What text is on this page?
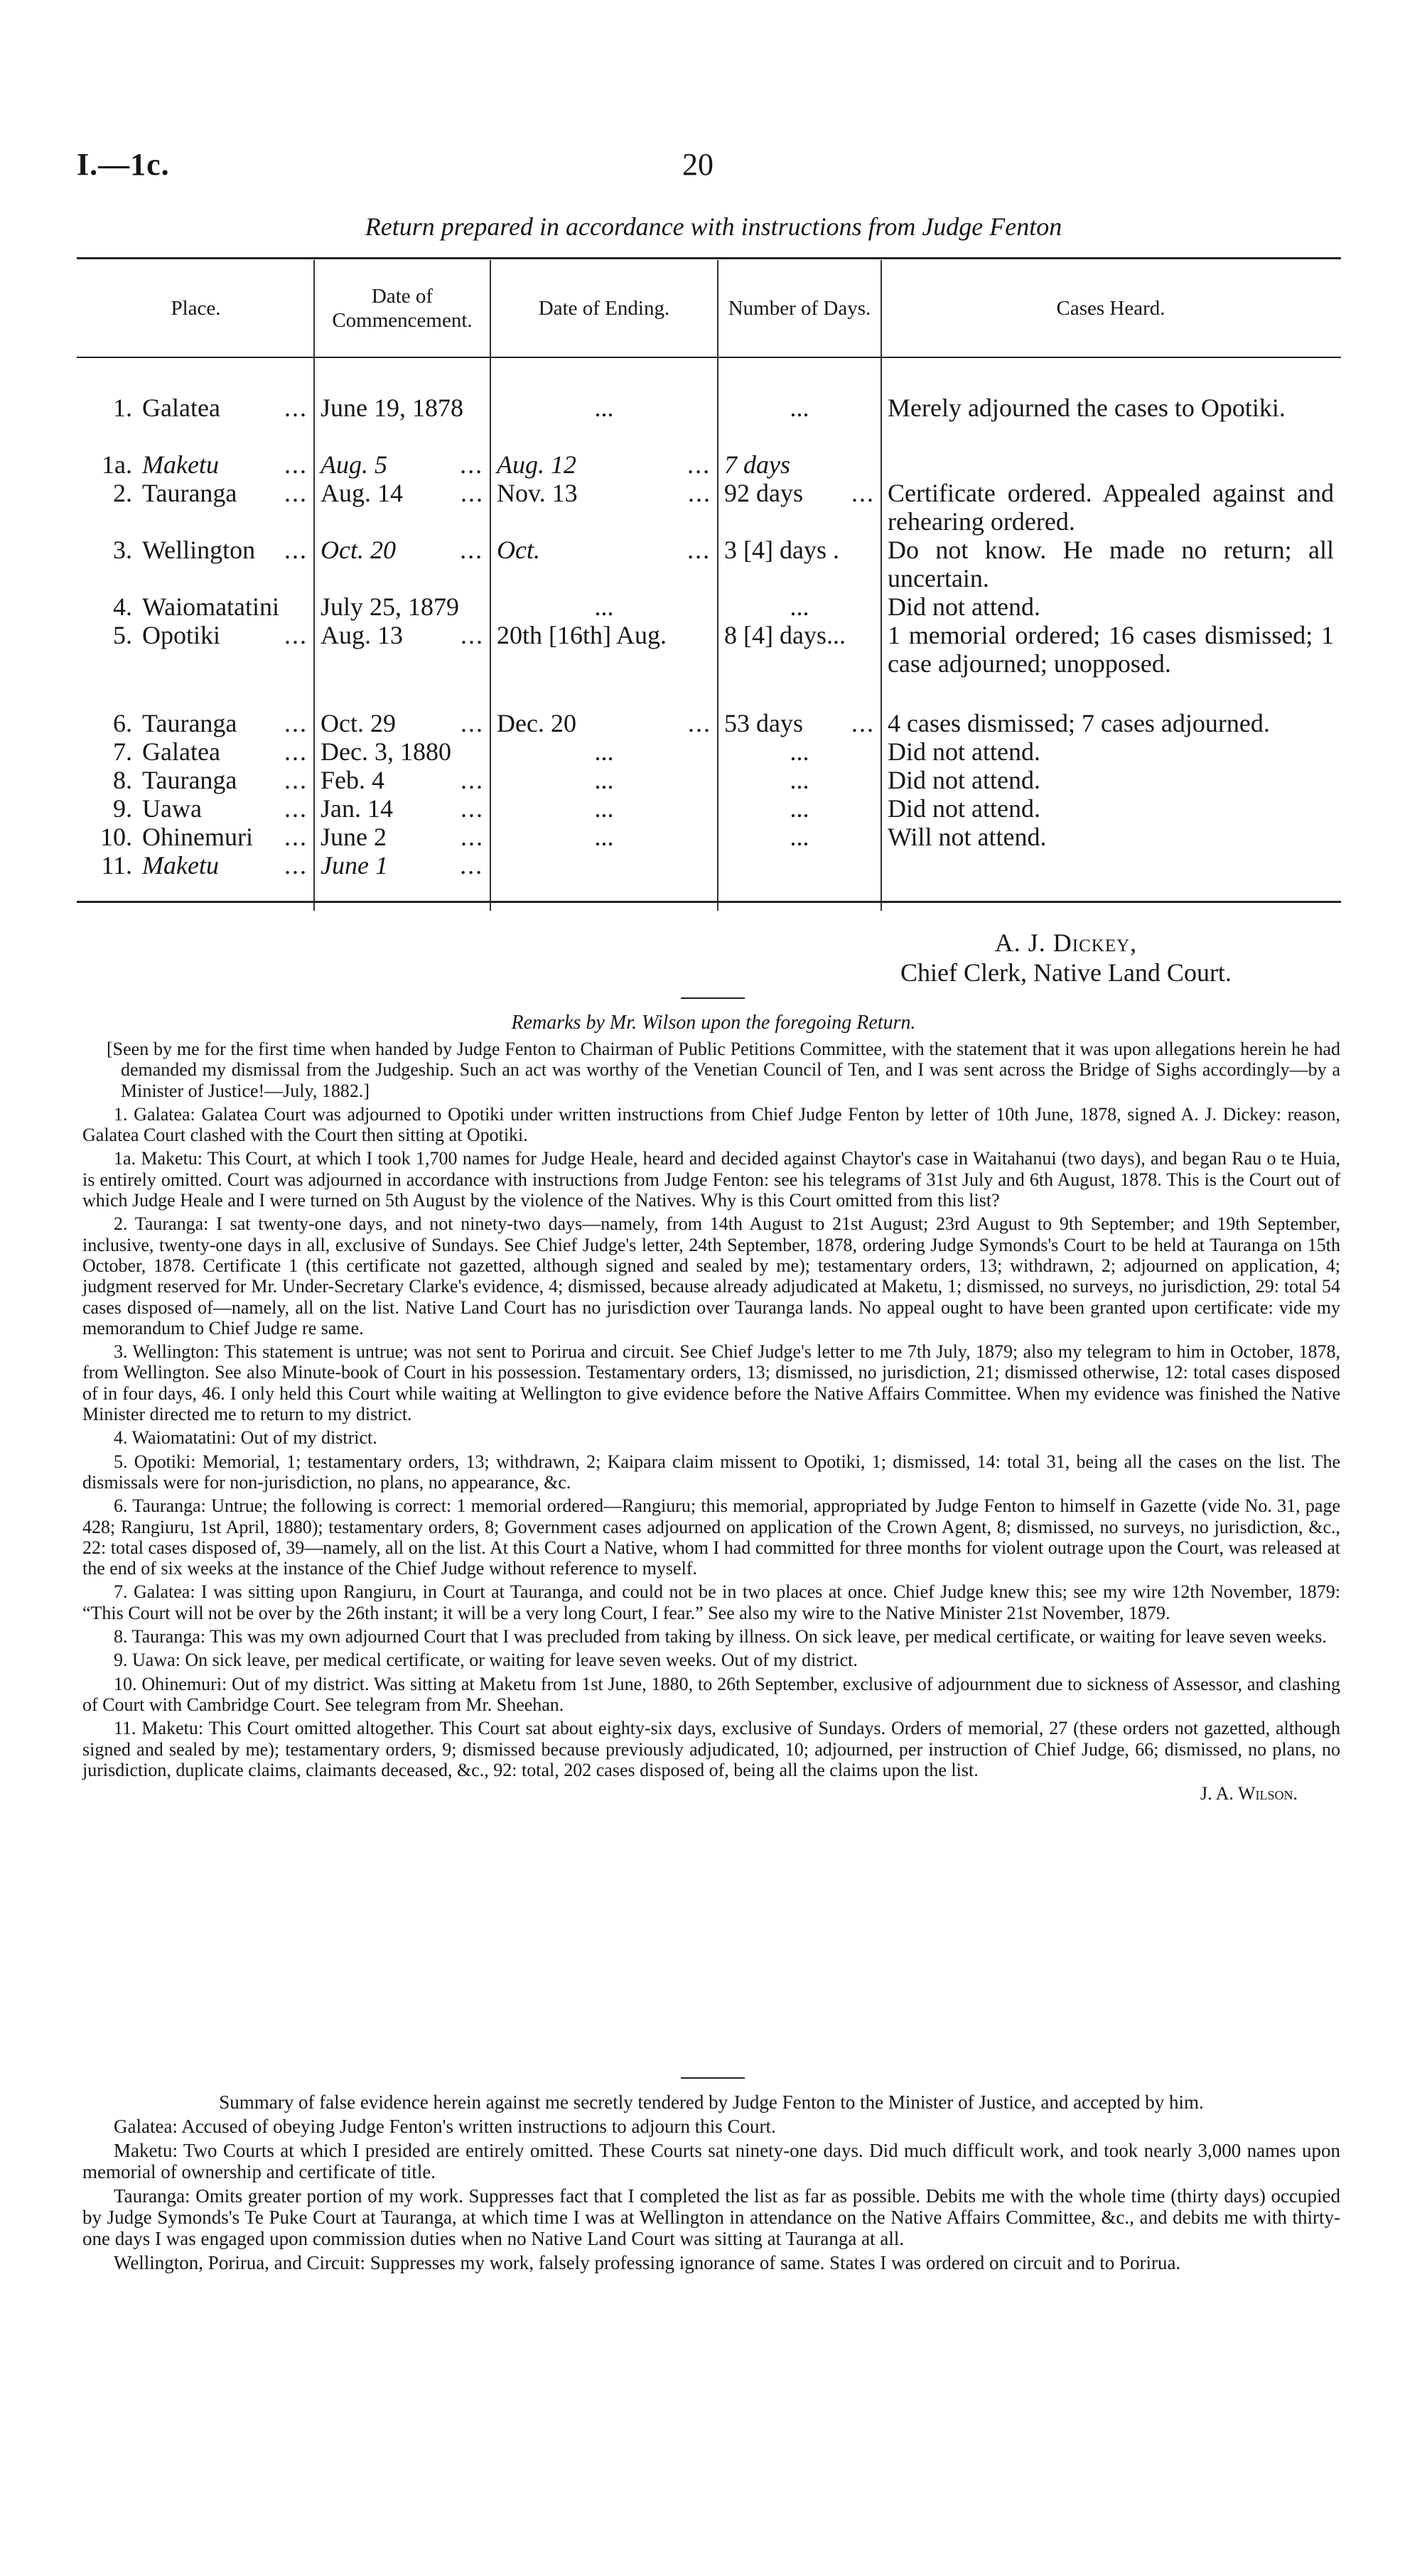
I.—1c.	20
Return prepared in accordance with instructions from Judge Fenton
Place.	Date of Commencement.	Date of Ending.	Number of Days.	Cases Heard.

1. Galatea ...	June 19, 1878	...	...	Merely adjourned the cases to Opotiki.
1a. Maketu ...	Aug. 5 ...	Aug. 12 ...	7 days	
2. Tauranga ...	Aug. 14 ...	Nov. 13 ...	92 days ...	Certificate ordered. Appealed against and rehearing ordered.
3. Wellington ...	Oct. 20 ...	Oct. ...	3 [4] days .	Do not know. He made no return; all uncertain.
4. Waiomatatini	July 25, 1879	...	...	Did not attend.
5. Opotiki ...	Aug. 13 ...	20th [16th] Aug.	8 [4] days...	1 memorial ordered; 16 cases dismissed; 1 case adjourned; unopposed.
6. Tauranga ...	Oct. 29 ...	Dec. 20 ...	53 days ...	4 cases dismissed; 7 cases adjourned.
7. Galatea ...	Dec. 3, 1880	...	...	Did not attend.
8. Tauranga ...	Feb. 4 ...	...	...	Did not attend.
9. Uawa ...	Jan. 14 ...	...	...	Did not attend.
10. Ohinemuri ...	June 2 ...	...	...	Will not attend.
11. Maketu ...	June 1 ...			

A. J. Dickey,
Chief Clerk, Native Land Court.
Remarks by Mr. Wilson upon the foregoing Return.

[Seen by me for the first time when handed by Judge Fenton to Chairman of Public Petitions Committee, with the statement that it was upon allegations herein he had demanded my dismissal from the Judgeship. Such an act was worthy of the Venetian Council of Ten, and I was sent across the Bridge of Sighs accordingly—by a Minister of Justice!—July, 1882.]

1. Galatea: Galatea Court was adjourned to Opotiki under written instructions from Chief Judge Fenton by letter of 10th June, 1878, signed A. J. Dickey: reason, Galatea Court clashed with the Court then sitting at Opotiki.

1a. Maketu: This Court, at which I took 1,700 names for Judge Heale, heard and decided against Chaytor's case in Waitahanui (two days), and began Rau o te Huia, is entirely omitted. Court was adjourned in accordance with instructions from Judge Fenton: see his telegrams of 31st July and 6th August, 1878. This is the Court out of which Judge Heale and I were turned on 5th August by the violence of the Natives. Why is this Court omitted from this list?

2. Tauranga: I sat twenty-one days, and not ninety-two days—namely, from 14th August to 21st August; 23rd August to 9th September; and 19th September, inclusive, twenty-one days in all, exclusive of Sundays. See Chief Judge's letter, 24th September, 1878, ordering Judge Symonds's Court to be held at Tauranga on 15th October, 1878. Certificate 1 (this certificate not gazetted, although signed and sealed by me); testamentary orders, 13; withdrawn, 2; adjourned on application, 4; judgment reserved for Mr. Under-Secretary Clarke's evidence, 4; dismissed, because already adjudicated at Maketu, 1; dismissed, no surveys, no jurisdiction, 29: total 54 cases disposed of—namely, all on the list. Native Land Court has no jurisdiction over Tauranga lands. No appeal ought to have been granted upon certificate: vide my memorandum to Chief Judge re same.

3. Wellington: This statement is untrue; was not sent to Porirua and circuit. See Chief Judge's letter to me 7th July, 1879; also my telegram to him in October, 1878, from Wellington. See also Minute-book of Court in his possession. Testamentary orders, 13; dismissed, no jurisdiction, 21; dismissed otherwise, 12: total cases disposed of in four days, 46. I only held this Court while waiting at Wellington to give evidence before the Native Affairs Committee. When my evidence was finished the Native Minister directed me to return to my district.

4. Waiomatatini: Out of my district.

5. Opotiki: Memorial, 1; testamentary orders, 13; withdrawn, 2; Kaipara claim missent to Opotiki, 1; dismissed, 14: total 31, being all the cases on the list. The dismissals were for non-jurisdiction, no plans, no appearance, &c.

6. Tauranga: Untrue; the following is correct: 1 memorial ordered—Rangiuru; this memorial, appropriated by Judge Fenton to himself in Gazette (vide No. 31, page 428; Rangiuru, 1st April, 1880); testamentary orders, 8; Government cases adjourned on application of the Crown Agent, 8; dismissed, no surveys, no jurisdiction, &c., 22: total cases disposed of, 39—namely, all on the list. At this Court a Native, whom I had committed for three months for violent outrage upon the Court, was released at the end of six weeks at the instance of the Chief Judge without reference to myself.

7. Galatea: I was sitting upon Rangiuru, in Court at Tauranga, and could not be in two places at once. Chief Judge knew this; see my wire 12th November, 1879: “This Court will not be over by the 26th instant; it will be a very long Court, I fear.” See also my wire to the Native Minister 21st November, 1879.

8. Tauranga: This was my own adjourned Court that I was precluded from taking by illness. On sick leave, per medical certificate, or waiting for leave seven weeks.

9. Uawa: On sick leave, per medical certificate, or waiting for leave seven weeks. Out of my district.

10. Ohinemuri: Out of my district. Was sitting at Maketu from 1st June, 1880, to 26th September, exclusive of adjournment due to sickness of Assessor, and clashing of Court with Cambridge Court. See telegram from Mr. Sheehan.

11. Maketu: This Court omitted altogether. This Court sat about eighty-six days, exclusive of Sundays. Orders of memorial, 27 (these orders not gazetted, although signed and sealed by me); testamentary orders, 9; dismissed because previously adjudicated, 10; adjourned, per instruction of Chief Judge, 66; dismissed, no plans, no jurisdiction, duplicate claims, claimants deceased, &c., 92: total, 202 cases disposed of, being all the claims upon the list.

J. A. Wilson.

Summary of false evidence herein against me secretly tendered by Judge Fenton to the Minister of Justice, and accepted by him.

Galatea: Accused of obeying Judge Fenton's written instructions to adjourn this Court.

Maketu: Two Courts at which I presided are entirely omitted. These Courts sat ninety-one days. Did much difficult work, and took nearly 3,000 names upon memorial of ownership and certificate of title.

Tauranga: Omits greater portion of my work. Suppresses fact that I completed the list as far as possible. Debits me with the whole time (thirty days) occupied by Judge Symonds's Te Puke Court at Tauranga, at which time I was at Wellington in attendance on the Native Affairs Committee, &c., and debits me with thirty-one days I was engaged upon commission duties when no Native Land Court was sitting at Tauranga at all.

Wellington, Porirua, and Circuit: Suppresses my work, falsely professing ignorance of same. States I was ordered on circuit and to Porirua.
